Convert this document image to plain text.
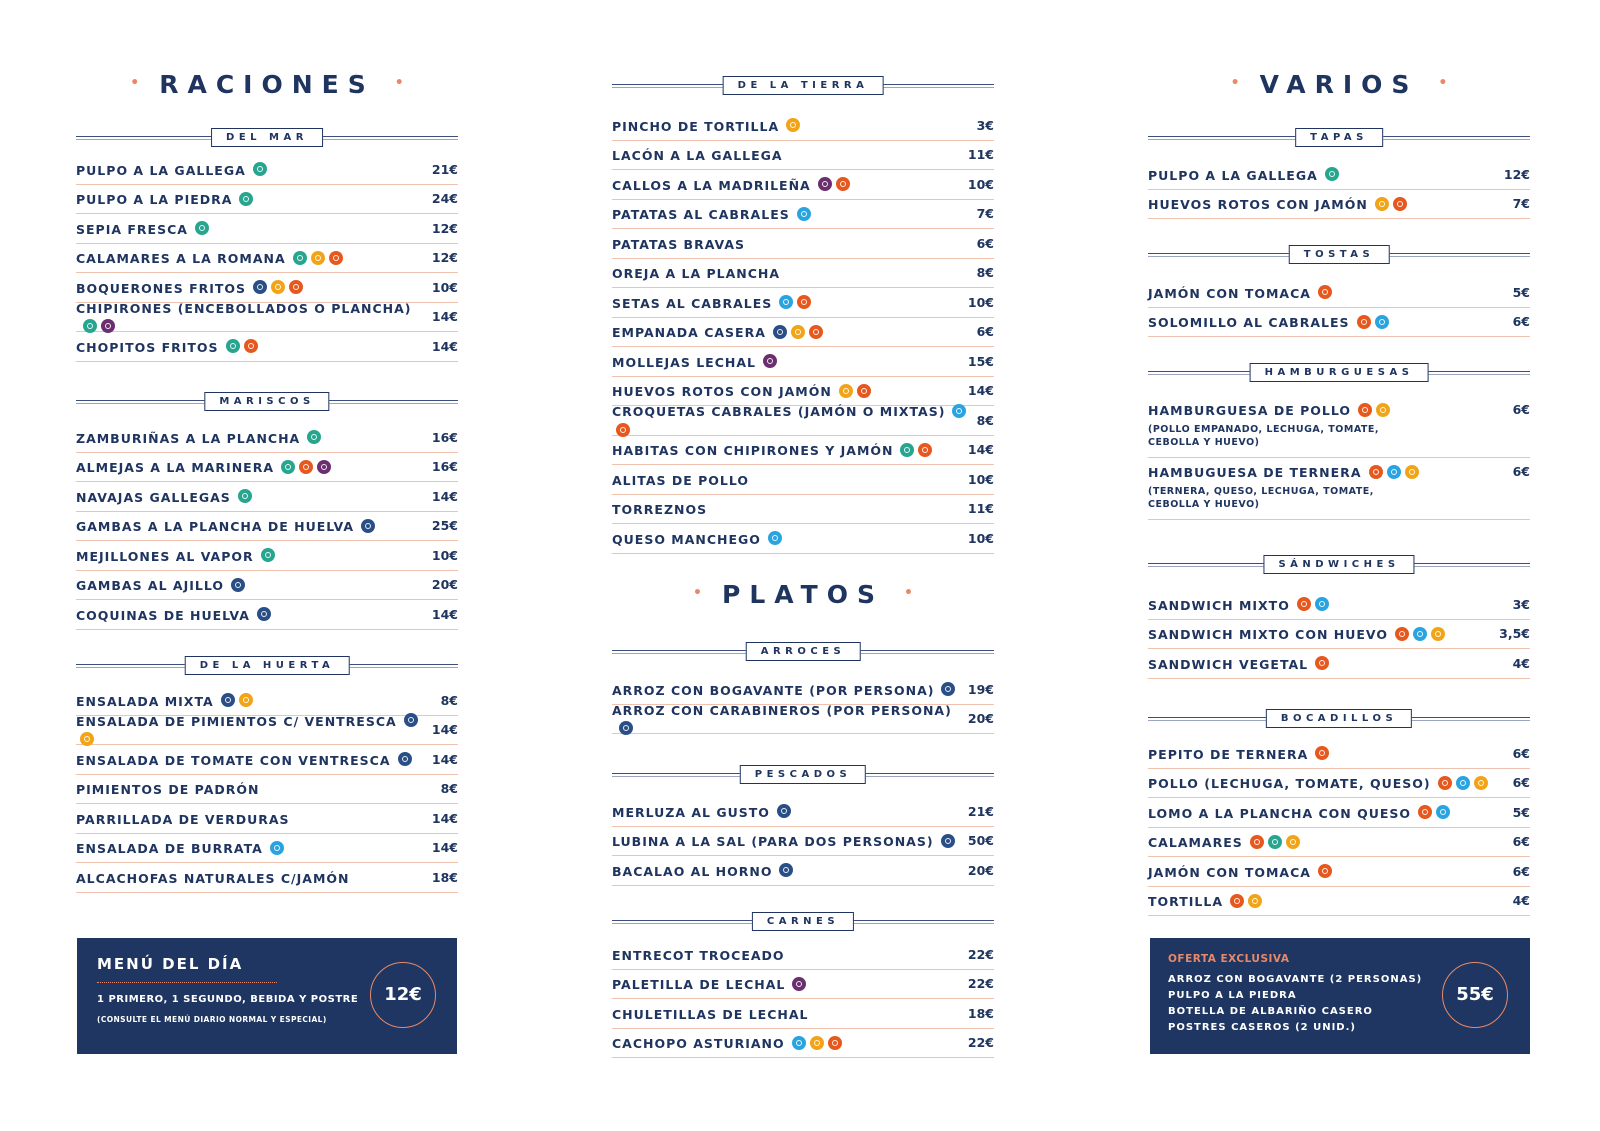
• RACIONES •
DEL MAR
PULPO A LA GALLEGA	21€
PULPO A LA PIEDRA	24€
SEPIA FRESCA	12€
CALAMARES A LA ROMANA	12€
BOQUERONES FRITOS	10€
CHIPIRONES (ENCEBOLLADOS O PLANCHA)
14€
CHOPITOS FRITOS	14€
MARISCOS
ZAMBURIÑAS A LA PLANCHA	16€
ALMEJAS A LA MARINERA	16€
NAVAJAS GALLEGAS	14€
GAMBAS A LA PLANCHA DE HUELVA	25€
MEJILLONES AL VAPOR	10€
GAMBAS AL AJILLO	20€
COQUINAS DE HUELVA	14€
DE LA HUERTA
ENSALADA MIXTA	8€
ENSALADA DE PIMIENTOS C/ VENTRESCA
14€
ENSALADA DE TOMATE CON VENTRESCA	14€
PIMIENTOS DE PADRÓN	8€
PARRILLADA DE VERDURAS	14€
ENSALADA DE BURRATA	14€
ALCACHOFAS NATURALES C/JAMÓN	18€
MENÚ DEL DÍA
1 PRIMERO, 1 SEGUNDO, BEBIDA Y POSTRE
(CONSULTE EL MENÚ DIARIO NORMAL Y ESPECIAL)
12€
DE LA TIERRA
PINCHO DE TORTILLA	3€
LACÓN A LA GALLEGA	11€
CALLOS A LA MADRILEÑA	10€
PATATAS AL CABRALES	7€
PATATAS BRAVAS	6€
OREJA A LA PLANCHA	8€
SETAS AL CABRALES	10€
EMPANADA CASERA	6€
MOLLEJAS LECHAL	15€
HUEVOS ROTOS CON JAMÓN	14€
CROQUETAS CABRALES (JAMÓN O MIXTAS)
8€
HABITAS CON CHIPIRONES Y JAMÓN	14€
ALITAS DE POLLO	10€
TORREZNOS	11€
QUESO MANCHEGO	10€
• PLATOS •
ARROCES
ARROZ CON BOGAVANTE (POR PERSONA)	19€
ARROZ CON CARABINEROS (POR PERSONA)
20€
PESCADOS
MERLUZA AL GUSTO	21€
LUBINA A LA SAL (PARA DOS PERSONAS)	50€
BACALAO AL HORNO	20€
CARNES
ENTRECOT TROCEADO	22€
PALETILLA DE LECHAL	22€
CHULETILLAS DE LECHAL	18€
CACHOPO ASTURIANO	22€
• VARIOS •
TAPAS
PULPO A LA GALLEGA	12€
HUEVOS ROTOS CON JAMÓN	7€
TOSTAS
JAMÓN CON TOMACA	5€
SOLOMILLO AL CABRALES	6€
HAMBURGUESAS
HAMBURGUESA DE POLLO
(POLLO EMPANADO, LECHUGA, TOMATE,
CEBOLLA Y HUEVO)
6€
HAMBUGUESA DE TERNERA
(TERNERA, QUESO, LECHUGA, TOMATE,
CEBOLLA Y HUEVO)
6€
SÁNDWICHES
SANDWICH MIXTO	3€
SANDWICH MIXTO CON HUEVO	3,5€
SANDWICH VEGETAL	4€
BOCADILLOS
PEPITO DE TERNERA	6€
POLLO (LECHUGA, TOMATE, QUESO)	6€
LOMO A LA PLANCHA CON QUESO	5€
CALAMARES	6€
JAMÓN CON TOMACA	6€
TORTILLA	4€
OFERTA EXCLUSIVA
ARROZ CON BOGAVANTE (2 PERSONAS)
PULPO A LA PIEDRA
BOTELLA DE ALBARIÑO CASERO
POSTRES CASEROS (2 UNID.)
55€
